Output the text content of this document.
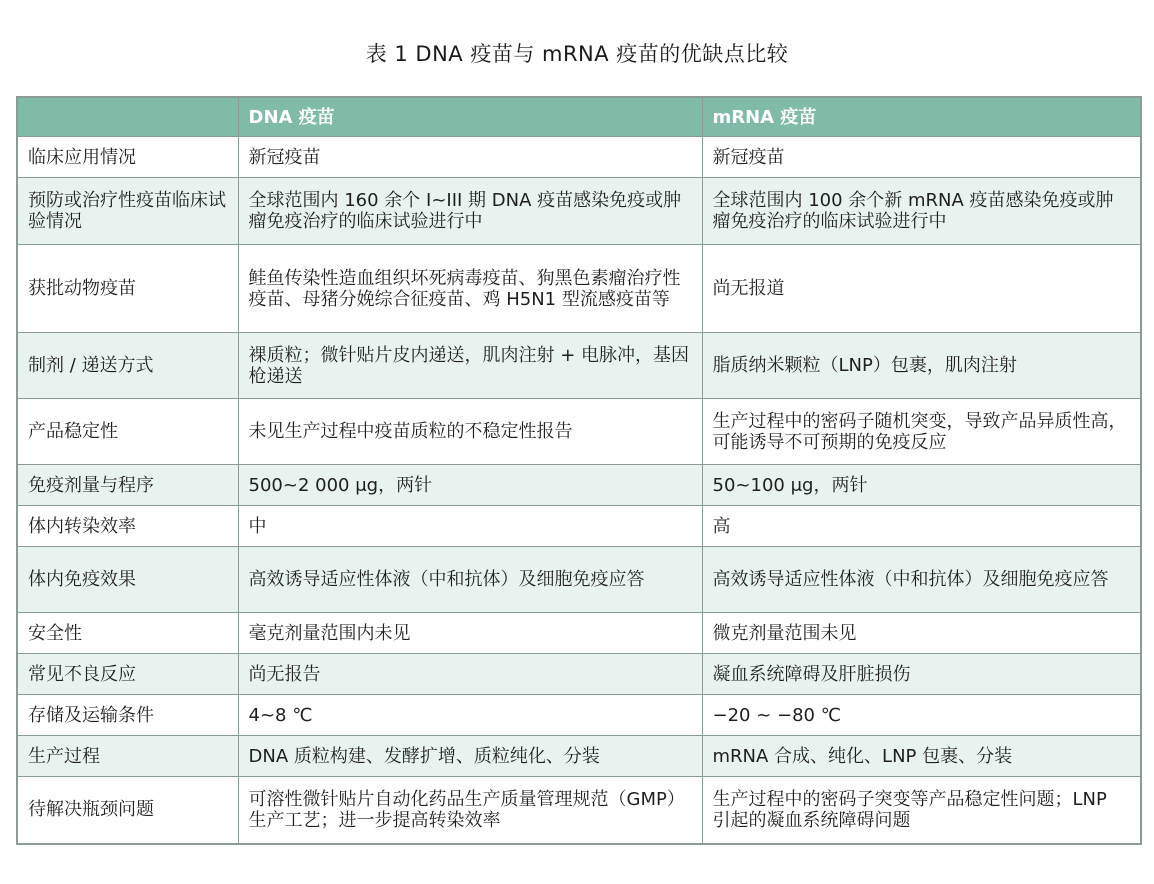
表 1 DNA 疫苗与 mRNA 疫苗的优缺点比较
	DNA 疫苗	mRNA 疫苗
临床应用情况	新冠疫苗	新冠疫苗
预防或治疗性疫苗临床试验情况	全球范围内 160 余个 I~III 期 DNA 疫苗感染免疫或肿瘤免疫治疗的临床试验进行中	全球范围内 100 余个新 mRNA 疫苗感染免疫或肿瘤免疫治疗的临床试验进行中
获批动物疫苗	鲑鱼传染性造血组织坏死病毒疫苗、狗黑色素瘤治疗性疫苗、母猪分娩综合征疫苗、鸡 H5N1 型流感疫苗等	尚无报道
制剂 / 递送方式	裸质粒；微针贴片皮内递送，肌肉注射 + 电脉冲，基因枪递送	脂质纳米颗粒（LNP）包裹，肌肉注射
产品稳定性	未见生产过程中疫苗质粒的不稳定性报告	生产过程中的密码子随机突变，导致产品异质性高，可能诱导不可预期的免疫反应
免疫剂量与程序	500~2 000 μg，两针	50~100 μg，两针
体内转染效率	中	高
体内免疫效果	高效诱导适应性体液（中和抗体）及细胞免疫应答	高效诱导适应性体液（中和抗体）及细胞免疫应答
安全性	毫克剂量范围内未见	微克剂量范围未见
常见不良反应	尚无报告	凝血系统障碍及肝脏损伤
存储及运输条件	4~8 ℃	−20 ~ −80 ℃
生产过程	DNA 质粒构建、发酵扩增、质粒纯化、分装	mRNA 合成、纯化、LNP 包裹、分装
待解决瓶颈问题	可溶性微针贴片自动化药品生产质量管理规范（GMP）生产工艺；进一步提高转染效率	生产过程中的密码子突变等产品稳定性问题；LNP 引起的凝血系统障碍问题
